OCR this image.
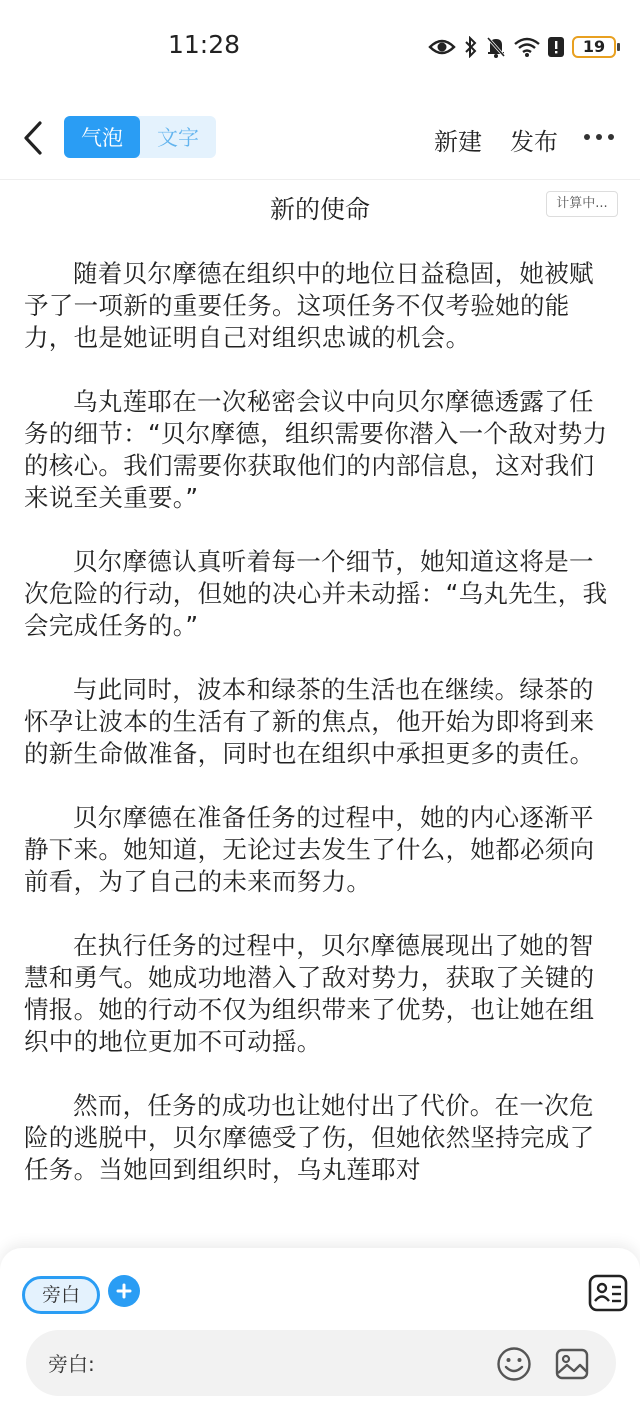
11:28	19
气泡	文字	新建 发布
新的使命	计算中...

随着贝尔摩德在组织中的地位日益稳固，她被赋予了一项新的重要任务。这项任务不仅考验她的能力，也是她证明自己对组织忠诚的机会。

乌丸莲耶在一次秘密会议中向贝尔摩德透露了任务的细节：“贝尔摩德，组织需要你潜入一个敌对势力的核心。我们需要你获取他们的内部信息，这对我们来说至关重要。”

贝尔摩德认真听着每一个细节，她知道这将是一次危险的行动，但她的决心并未动摇：“乌丸先生，我会完成任务的。”

与此同时，波本和绿茶的生活也在继续。绿茶的怀孕让波本的生活有了新的焦点，他开始为即将到来的新生命做准备，同时也在组织中承担更多的责任。

贝尔摩德在准备任务的过程中，她的内心逐渐平静下来。她知道，无论过去发生了什么，她都必须向前看，为了自己的未来而努力。

在执行任务的过程中，贝尔摩德展现出了她的智慧和勇气。她成功地潜入了敌对势力，获取了关键的情报。她的行动不仅为组织带来了优势，也让她在组织中的地位更加不可动摇。

然而，任务的成功也让她付出了代价。在一次危险的逃脱中，贝尔摩德受了伤，但她依然坚持完成了任务。当她回到组织时，乌丸莲耶对

旁白
旁白:
